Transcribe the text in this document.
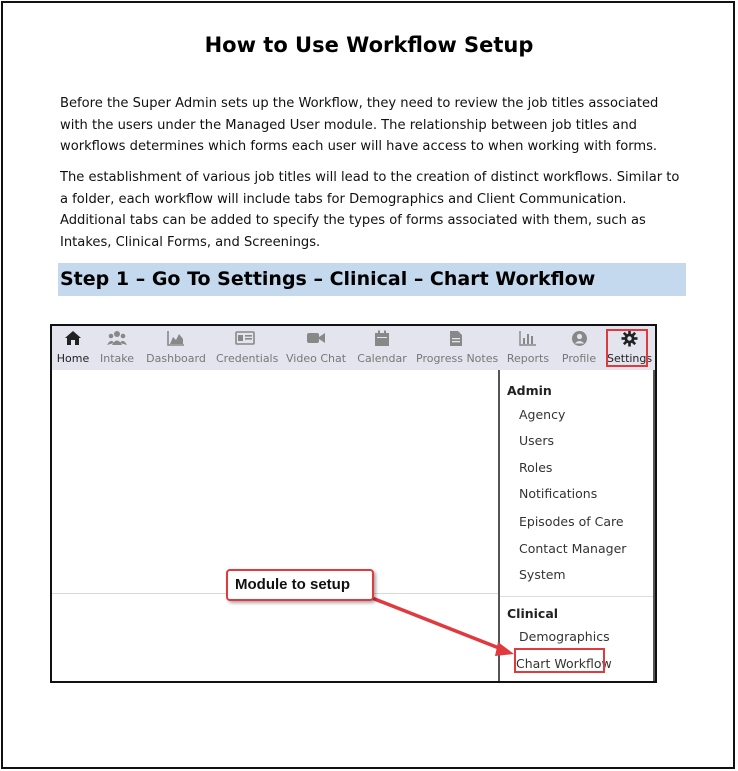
How to Use Workflow Setup
Before the Super Admin sets up the Workflow, they need to review the job titles associated
with the users under the Managed User module. The relationship between job titles and
workflows determines which forms each user will have access to when working with forms.
The establishment of various job titles will lead to the creation of distinct workflows. Similar to
a folder, each workflow will include tabs for Demographics and Client Communication.
Additional tabs can be added to specify the types of forms associated with them, such as
Intakes, Clinical Forms, and Screenings.
Step 1 – Go To Settings – Clinical – Chart Workflow
Home Intake Dashboard Credentials Video Chat Calendar Progress Notes Reports Profile Settings
Admin
Agency
Users
Roles
Notifications
Episodes of Care
Contact Manager
System
Clinical
Demographics
Chart Workflow
Module to setup
